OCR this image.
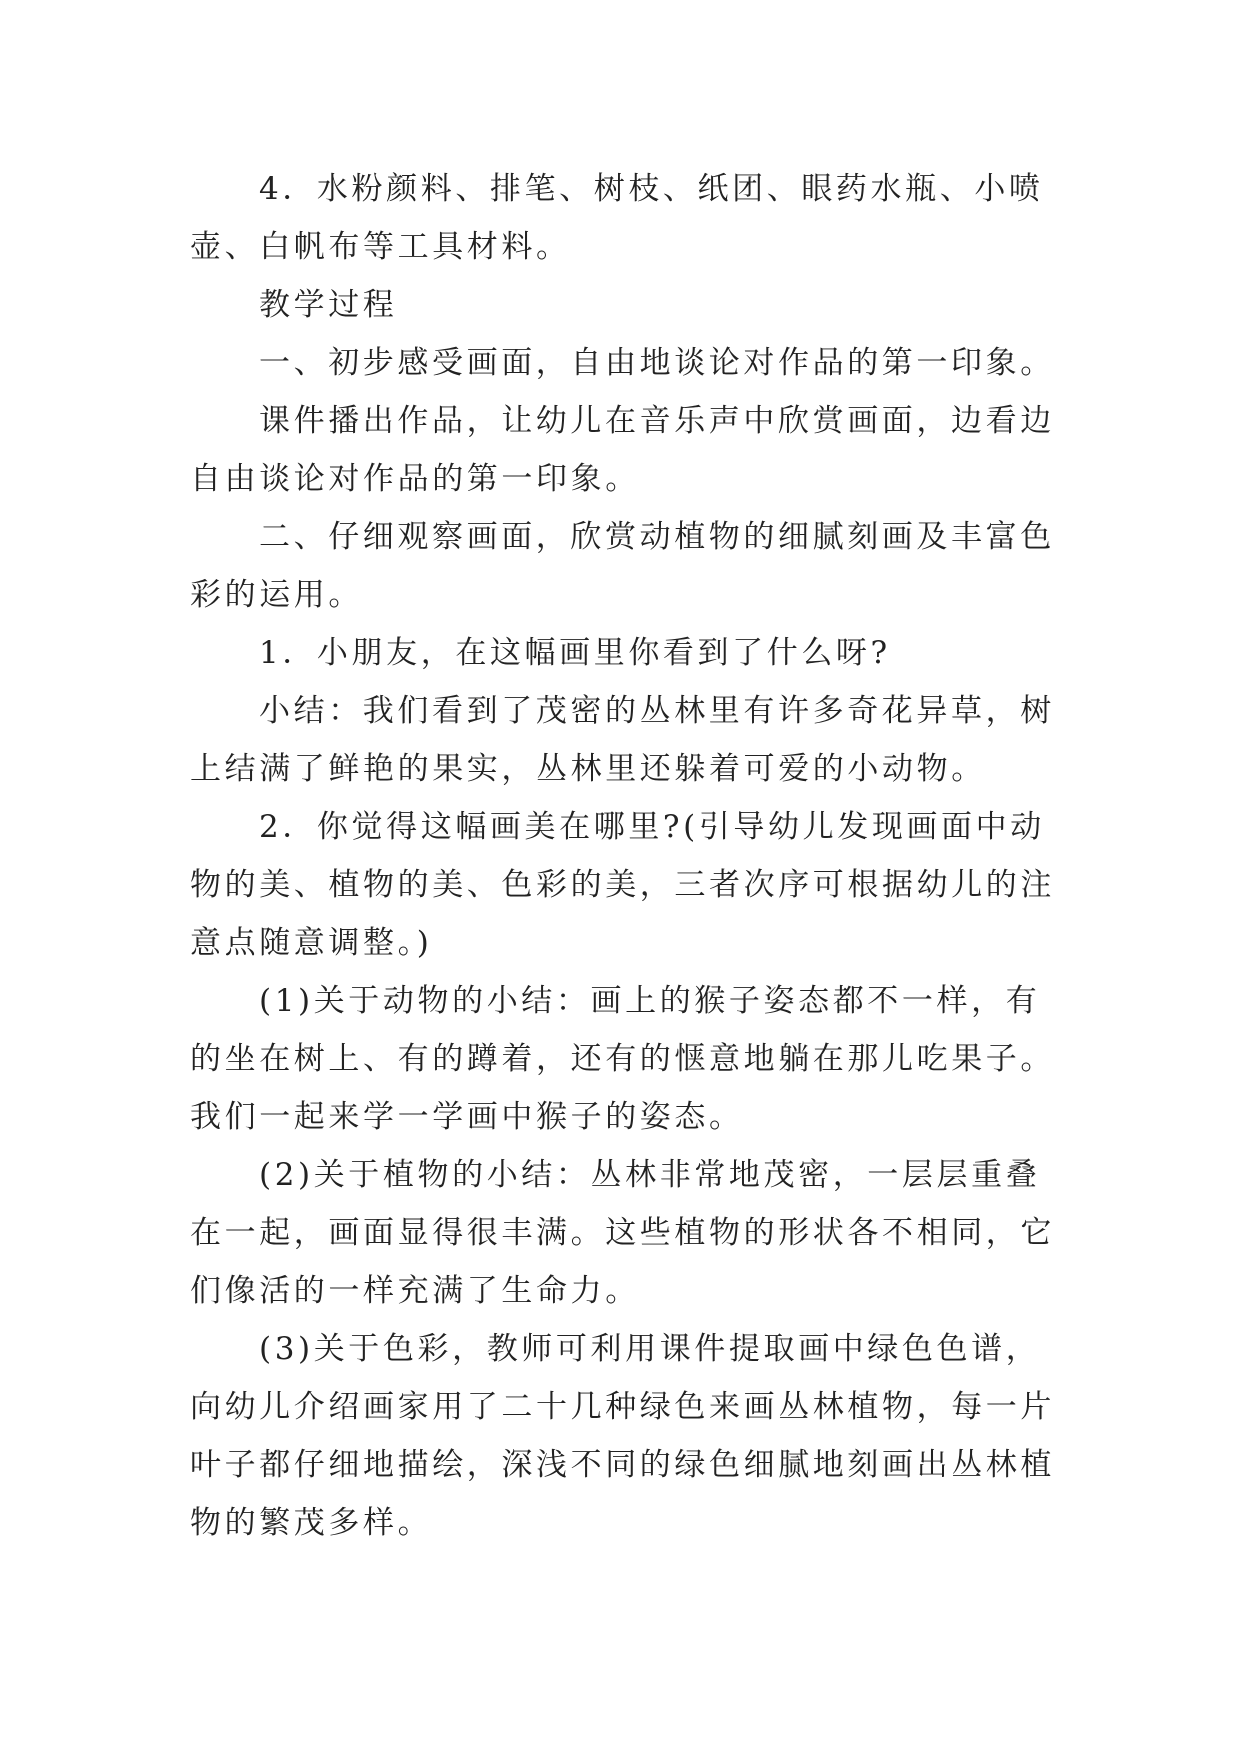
4．水粉颜料、排笔、树枝、纸团、眼药水瓶、小喷壶、白帆布等工具材料。

教学过程

一、初步感受画面，自由地谈论对作品的第一印象。

课件播出作品，让幼儿在音乐声中欣赏画面，边看边自由谈论对作品的第一印象。

二、仔细观察画面，欣赏动植物的细腻刻画及丰富色彩的运用。

1．小朋友，在这幅画里你看到了什么呀?

小结：我们看到了茂密的丛林里有许多奇花异草，树上结满了鲜艳的果实，丛林里还躲着可爱的小动物。

2．你觉得这幅画美在哪里?(引导幼儿发现画面中动物的美、植物的美、色彩的美，三者次序可根据幼儿的注意点随意调整。)

(1)关于动物的小结：画上的猴子姿态都不一样，有的坐在树上、有的蹲着，还有的惬意地躺在那儿吃果子。我们一起来学一学画中猴子的姿态。

(2)关于植物的小结：丛林非常地茂密，一层层重叠在一起，画面显得很丰满。这些植物的形状各不相同，它们像活的一样充满了生命力。

(3)关于色彩，教师可利用课件提取画中绿色色谱，向幼儿介绍画家用了二十几种绿色来画丛林植物，每一片叶子都仔细地描绘，深浅不同的绿色细腻地刻画出丛林植物的繁茂多样。
